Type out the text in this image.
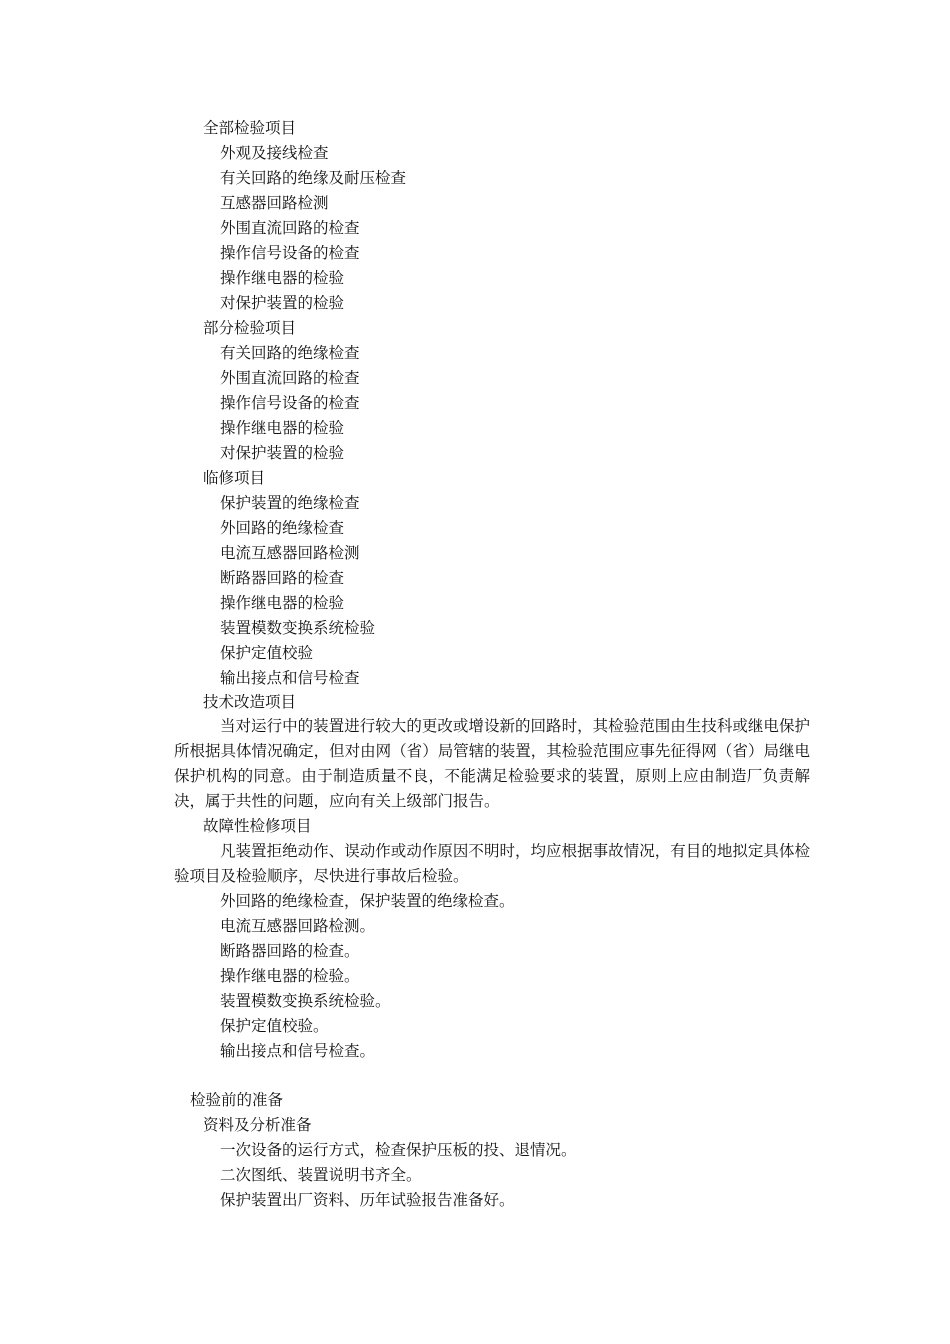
全部检验项目
外观及接线检查
有关回路的绝缘及耐压检查
互感器回路检测
外围直流回路的检查
操作信号设备的检查
操作继电器的检验
对保护装置的检验
部分检验项目
有关回路的绝缘检查
外围直流回路的检查
操作信号设备的检查
操作继电器的检验
对保护装置的检验
临修项目
保护装置的绝缘检查
外回路的绝缘检查
电流互感器回路检测
断路器回路的检查
操作继电器的检验
装置模数变换系统检验
保护定值校验
输出接点和信号检查
技术改造项目
当对运行中的装置进行较大的更改或增设新的回路时，其检验范围由生技科或继电保护所根据具体情况确定，但对由网（省）局管辖的装置，其检验范围应事先征得网（省）局继电保护机构的同意。由于制造质量不良，不能满足检验要求的装置，原则上应由制造厂负责解决，属于共性的问题，应向有关上级部门报告。
故障性检修项目
凡装置拒绝动作、误动作或动作原因不明时，均应根据事故情况，有目的地拟定具体检验项目及检验顺序，尽快进行事故后检验。
外回路的绝缘检查，保护装置的绝缘检查。
电流互感器回路检测。
断路器回路的检查。
操作继电器的检验。
装置模数变换系统检验。
保护定值校验。
输出接点和信号检查。
检验前的准备
资料及分析准备
一次设备的运行方式，检查保护压板的投、退情况。
二次图纸、装置说明书齐全。
保护装置出厂资料、历年试验报告准备好。
